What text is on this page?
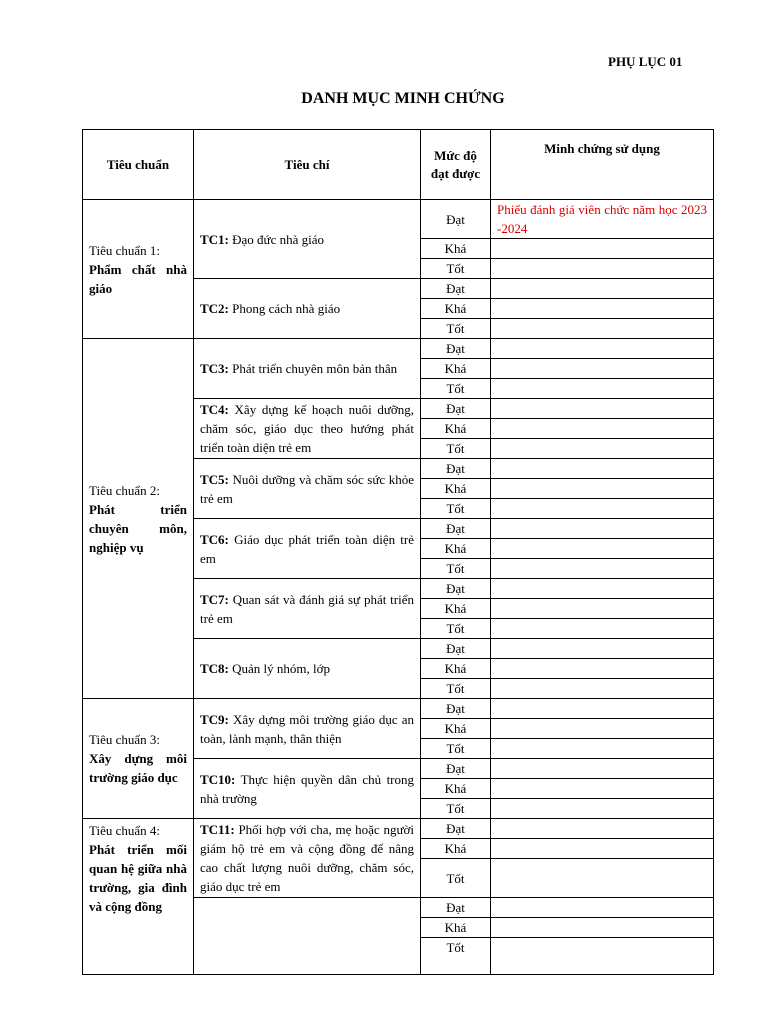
PHỤ LỤC 01
DANH MỤC MINH CHỨNG
Tiêu chuẩn	Tiêu chí	Mức độ đạt được	Minh chứng sử dụng

Tiêu chuẩn 1:
Phẩm chất nhà giáo	TC1: Đạo đức nhà giáo	Đạt	Phiếu đánh giá viên chức năm học 2023 -2024
		Khá	
		Tốt	
	TC2: Phong cách nhà giáo	Đạt	
		Khá	
		Tốt	

Tiêu chuẩn 2:
Phát triển chuyên môn, nghiệp vụ	TC3: Phát triển chuyên môn bản thân	Đạt	
		Khá	
		Tốt	
	TC4: Xây dựng kế hoạch nuôi dưỡng, chăm sóc, giáo dục theo hướng phát triển toàn diện trẻ em	Đạt	
		Khá	
		Tốt	
	TC5: Nuôi dưỡng và chăm sóc sức khỏe trẻ em	Đạt	
		Khá	
		Tốt	
	TC6: Giáo dục phát triển toàn diện trẻ em	Đạt	
		Khá	
		Tốt	
	TC7: Quan sát và đánh giá sự phát triển trẻ em	Đạt	
		Khá	
		Tốt	
	TC8: Quản lý nhóm, lớp	Đạt	
		Khá	
		Tốt	

Tiêu chuẩn 3:
Xây dựng môi trường giáo dục	TC9: Xây dựng môi trường giáo dục an toàn, lành mạnh, thân thiện	Đạt	
		Khá	
		Tốt	
	TC10: Thực hiện quyền dân chủ trong nhà trường	Đạt	
		Khá	
		Tốt	

Tiêu chuẩn 4:
Phát triển mối quan hệ giữa nhà trường, gia đình và cộng đồng	TC11: Phối hợp với cha, mẹ hoặc người giám hộ trẻ em và cộng đồng để nâng cao chất lượng nuôi dưỡng, chăm sóc, giáo dục trẻ em	Đạt	
		Khá	
		Tốt	
		Đạt	
		Khá	
		Tốt	
